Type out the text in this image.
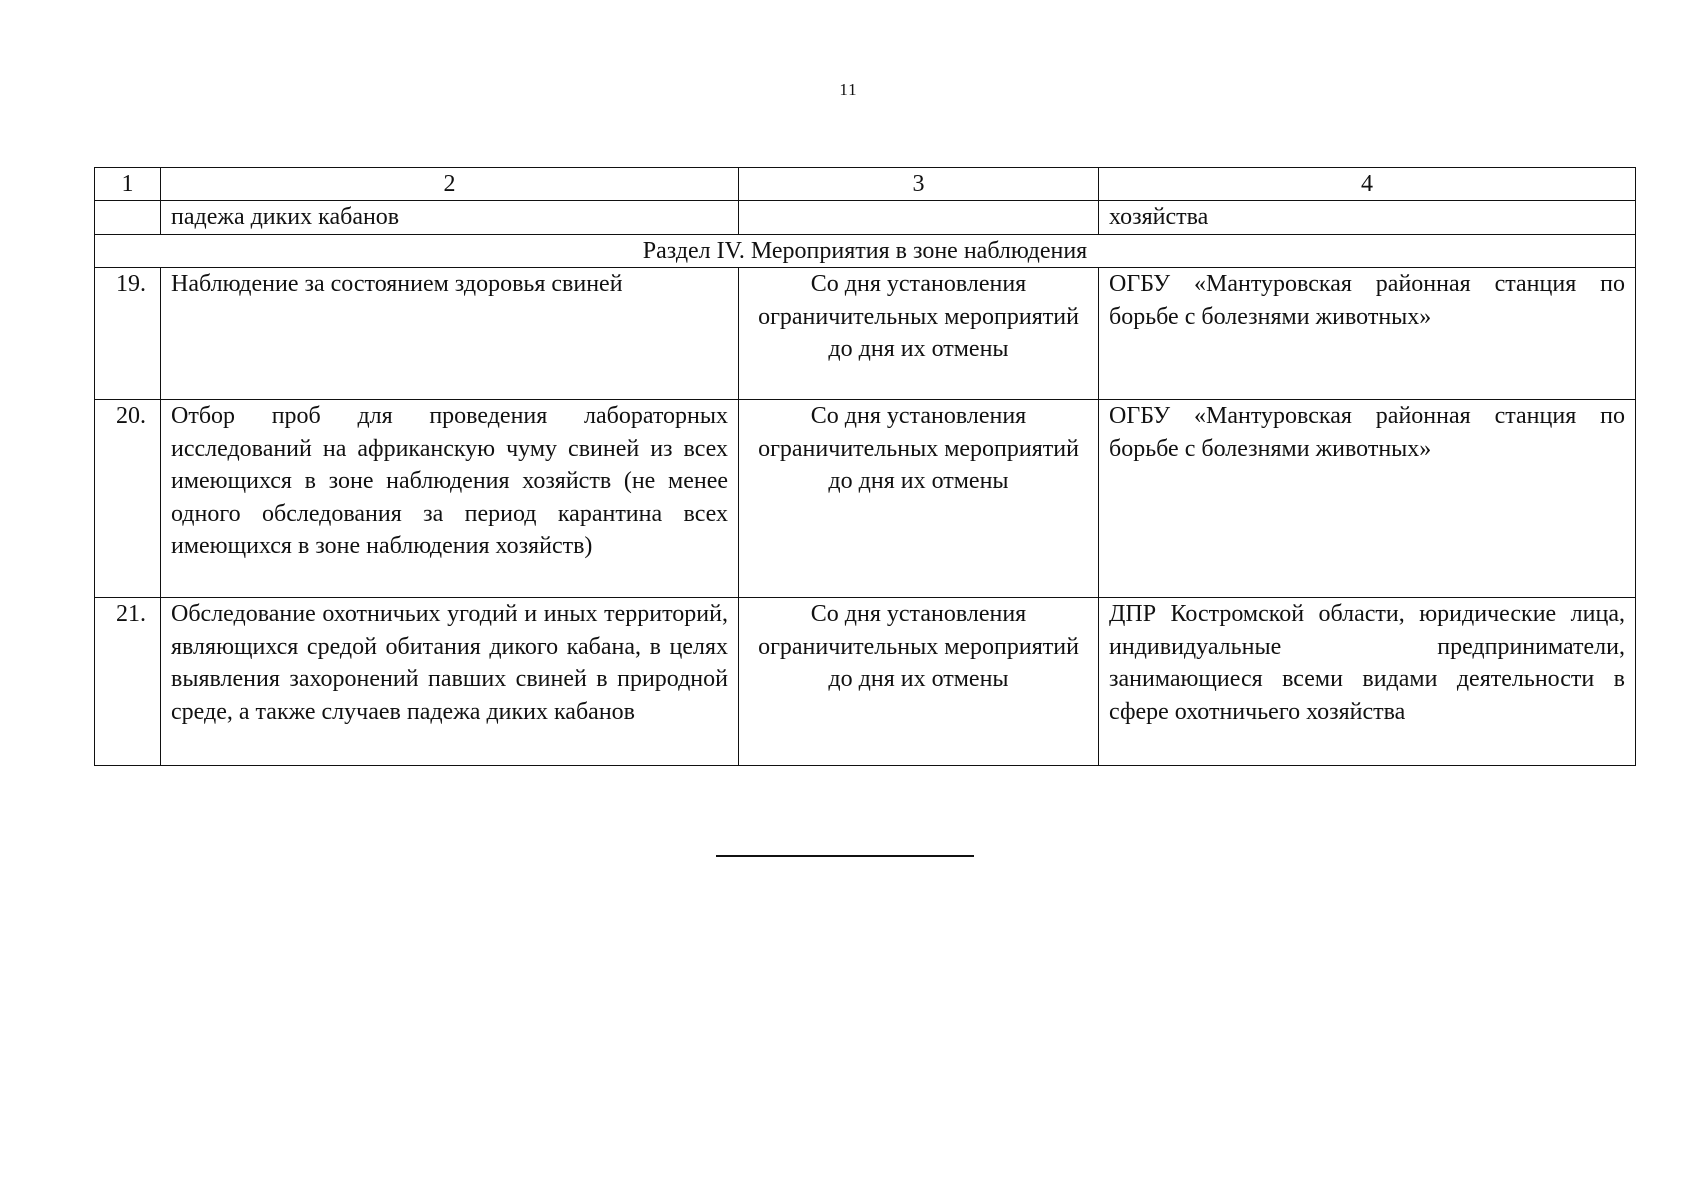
11
1	2	3	4
	падежа диких кабанов		хозяйства
Раздел IV. Мероприятия в зоне наблюдения			
19.	Наблюдение за состоянием здоровья свиней	Со дня установления ограничительных мероприятий до дня их отмены	ОГБУ «Мантуровская районная станция по борьбе с болезнями животных»
20.	Отбор проб для проведения лабораторных исследований на африканскую чуму свиней из всех имеющихся в зоне наблюдения хозяйств (не менее одного обследования за период карантина всех имеющихся в зоне наблюдения хозяйств)	Со дня установления ограничительных мероприятий до дня их отмены	ОГБУ «Мантуровская районная станция по борьбе с болезнями животных»
21.	Обследование охотничьих угодий и иных территорий, являющихся средой обитания дикого кабана, в целях выявления захоронений павших свиней в природной среде, а также случаев падежа диких кабанов	Со дня установления ограничительных мероприятий до дня их отмены	ДПР Костромской области, юридические лица, индивидуальные предприниматели, занимающиеся всеми видами деятельности в сфере охотничьего хозяйства
